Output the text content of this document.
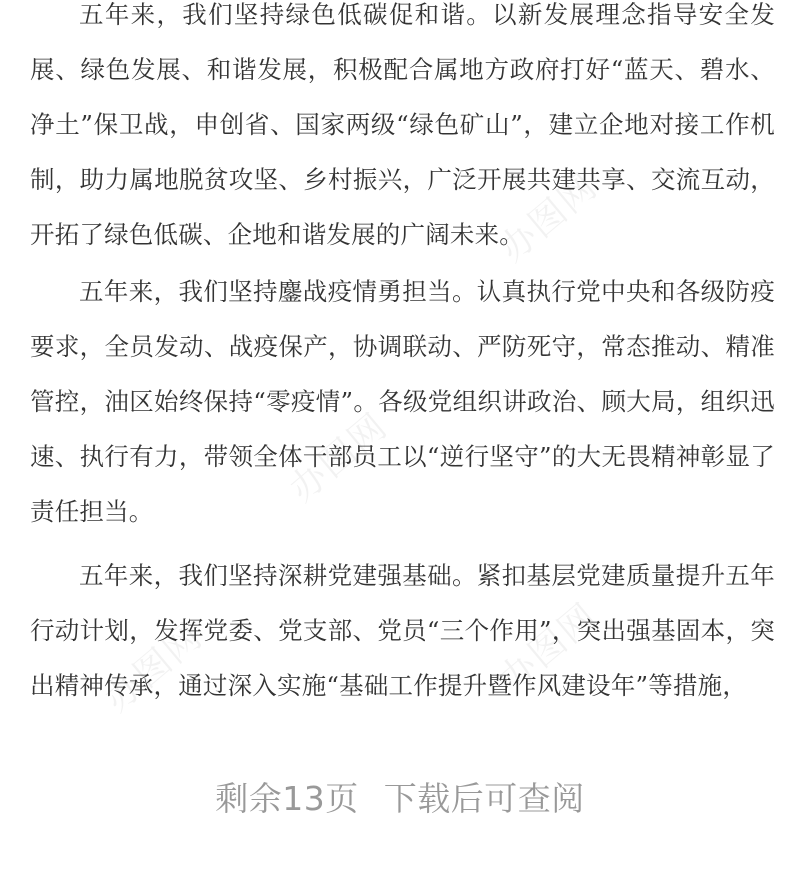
五年来，我们坚持绿色低碳促和谐。以新发展理念指导安全发展、绿色发展、和谐发展，积极配合属地方政府打好“蓝天、碧水、净土”保卫战，申创省、国家两级“绿色矿山”，建立企地对接工作机制，助力属地脱贫攻坚、乡村振兴，广泛开展共建共享、交流互动，开拓了绿色低碳、企地和谐发展的广阔未来。

五年来，我们坚持鏖战疫情勇担当。认真执行党中央和各级防疫要求，全员发动、战疫保产，协调联动、严防死守，常态推动、精准管控，油区始终保持“零疫情”。各级党组织讲政治、顾大局，组织迅速、执行有力，带领全体干部员工以“逆行坚守”的大无畏精神彰显了责任担当。

五年来，我们坚持深耕党建强基础。紧扣基层党建质量提升五年行动计划，发挥党委、党支部、党员“三个作用”，突出强基固本，突出精神传承，通过深入实施“基础工作提升暨作风建设年”等措施，

办图网
办图网
办图网
办图网
剩余13页 下载后可查阅
